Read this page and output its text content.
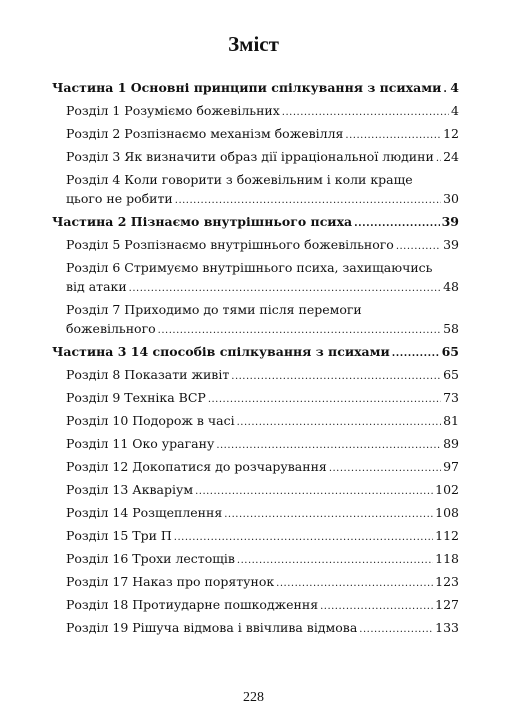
Зміст
Частина 1 Основні принципи спілкування з психами ..... 4
Розділ 1 Розуміємо божевільних .....	4
Розділ 2 Розпізнаємо механізм божевілля .....	12
Розділ 3 Як визначити образ дії ірраціональної людини ..... 24
Розділ 4 Коли говорити з божевільним і коли краще
цього не робити .....	30
Частина 2 Пізнаємо внутрішнього психа .....	39
Розділ 5 Розпізнаємо внутрішнього божевільного .....	39
Розділ 6 Стримуємо внутрішнього психа, захищаючись
від атаки .....	48
Розділ 7 Приходимо до тями після перемоги
божевільного .....	58
Частина 3 14 способів спілкування з психами .....	65
Розділ 8 Показати живіт .....	65
Розділ 9 Техніка ВСР .....	73
Розділ 10 Подорож в часі .....	81
Розділ 11 Око урагану .....	89
Розділ 12 Докопатися до розчарування .....	97
Розділ 13 Акваріум .....	102
Розділ 14 Розщеплення .....	108
Розділ 15 Три П .....	112
Розділ 16 Трохи лестощів .....	118
Розділ 17 Наказ про порятунок .....	123
Розділ 18 Протиударне пошкодження .....	127
Розділ 19 Рішуча відмова і ввічлива відмова .....	133
228
